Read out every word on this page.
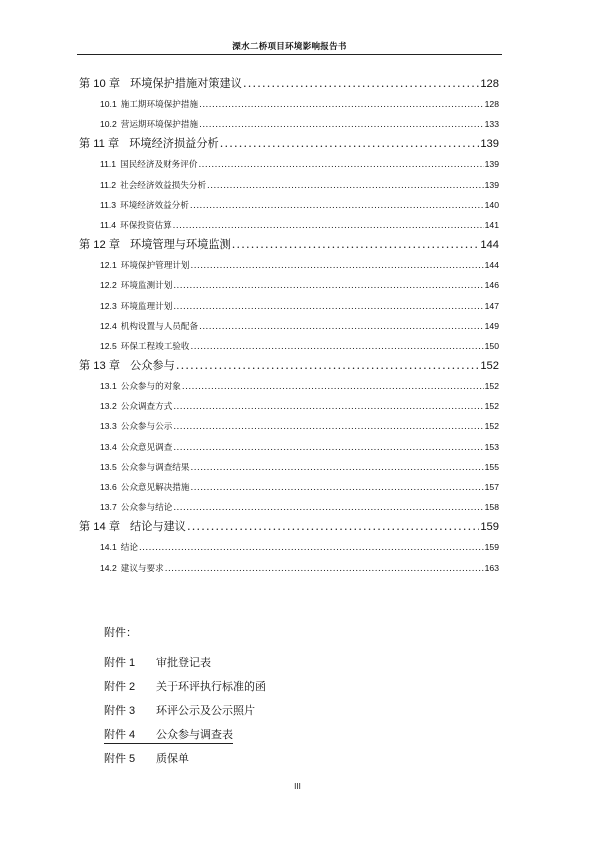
溧水二桥项目环境影响报告书
第 10 章 环境保护措施对策建议 .....	128
10.1 施工期环境保护措施 .....	128
10.2 营运期环境保护措施 .....	133
第 11 章 环境经济损益分析 .....	139
11.1 国民经济及财务评价 .....	139
11.2 社会经济效益损失分析 .....	139
11.3 环境经济效益分析 .....	140
11.4 环保投资估算 .....	141
第 12 章 环境管理与环境监测 .....	144
12.1 环境保护管理计划 .....	144
12.2 环境监测计划 .....	146
12.3 环境监理计划 .....	147
12.4 机构设置与人员配备 .....	149
12.5 环保工程竣工验收 .....	150
第 13 章 公众参与 .....	152
13.1 公众参与的对象 .....	152
13.2 公众调查方式 .....	152
13.3 公众参与公示 .....	152
13.4 公众意见调查 .....	153
13.5 公众参与调查结果 .....	155
13.6 公众意见解决措施 .....	157
13.7 公众参与结论 .....	158
第 14 章 结论与建议 .....	159
14.1 结论 .....	159
14.2 建议与要求 .....	163
附件：
附件 1 审批登记表
附件 2 关于环评执行标准的函
附件 3 环评公示及公示照片
附件 4 公众参与调查表
附件 5 质保单
III
